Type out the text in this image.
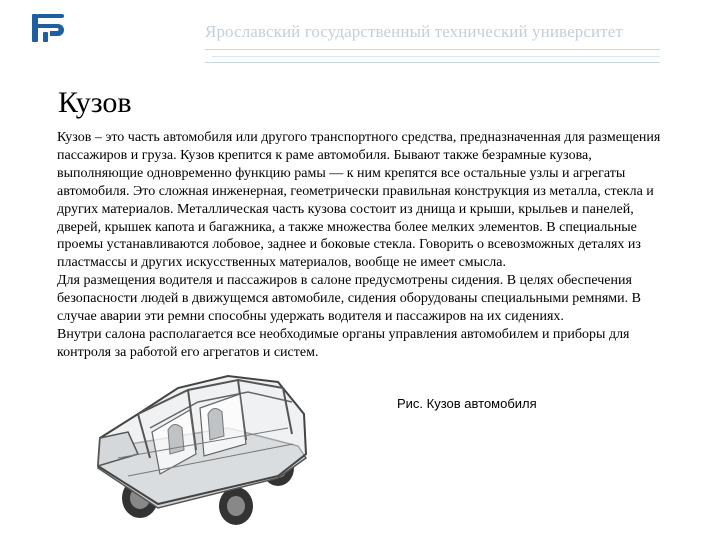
Ярославский государственный технический университет
Кузов

Кузов – это часть автомобиля или другого транспортного средства, предназначенная для размещения пассажиров и груза. Кузов крепится к раме автомобиля. Бывают также безрамные кузова, выполняющие одновременно функцию рамы — к ним крепятся все остальные узлы и агрегаты автомобиля. Это сложная инженерная, геометрически правильная конструкция из металла, стекла и других материалов. Металлическая часть кузова состоит из днища и крыши, крыльев и панелей, дверей, крышек капота и багажника, а также множества более мелких элементов. В специальные проемы устанавливаются лобовое, заднее и боковые стекла. Говорить о всевозможных деталях из пластмассы и других искусственных материалов, вообще не имеет смысла.

Для размещения водителя и пассажиров в салоне предусмотрены сидения. В целях обеспечения безопасности людей в движущемся автомобиле, сидения оборудованы специальными ремнями. В случае аварии эти ремни способны удержать водителя и пассажиров на их сидениях.

Внутри салона располагается все необходимые органы управления автомобилем и приборы для контроля за работой его агрегатов и систем.

Рис. Кузов автомобиля
